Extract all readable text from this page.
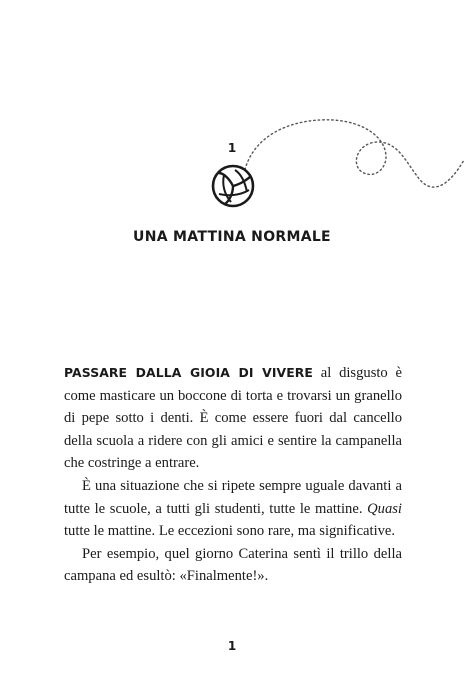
1
UNA MATTINA NORMALE

PASSARE DALLA GIOIA DI VIVERE al disgusto è come masticare un boccone di torta e trovarsi un granello di pepe sotto i denti. È come essere fuori dal cancello della scuola a ridere con gli amici e sentire la campanella che costringe a entrare.

È una situazione che si ripete sempre uguale davanti a tutte le scuole, a tutti gli studenti, tutte le mattine. Quasi tutte le mattine. Le eccezioni sono rare, ma significative.

Per esempio, quel giorno Caterina sentì il trillo della campana ed esultò: «Finalmente!».

1
